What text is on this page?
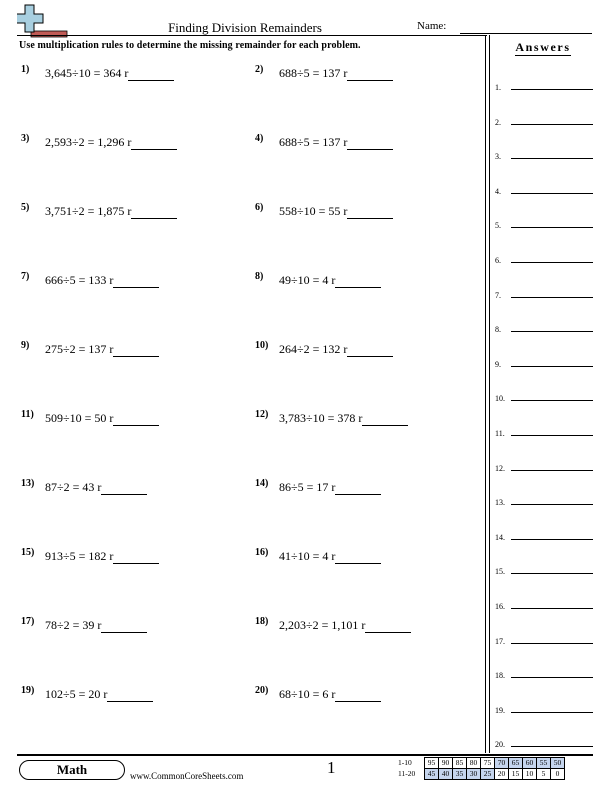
Finding Division Remainders	Name:
Use multiplication rules to determine the missing remainder for each problem.	Answers
1) 3,645÷10 = 364 r	2) 688÷5 = 137 r
3) 2,593÷2 = 1,296 r	4) 688÷5 = 137 r
5) 3,751÷2 = 1,875 r	6) 558÷10 = 55 r
7) 666÷5 = 133 r	8) 49÷10 = 4 r
9) 275÷2 = 137 r	10) 264÷2 = 132 r
11) 509÷10 = 50 r	12) 3,783÷10 = 378 r
13) 87÷2 = 43 r	14) 86÷5 = 17 r
15) 913÷5 = 182 r	16) 41÷10 = 4 r
17) 78÷2 = 39 r	18) 2,203÷2 = 1,101 r
19) 102÷5 = 20 r	20) 68÷10 = 6 r
1.
2.
3.
4.
5.
6.
7.
8.
9.
10.
11.
12.
13.
14.
15.
16.
17.
18.
19.
20.
Math	www.CommonCoreSheets.com	1	1-10	95	90	85	80	75	70	65	60	55	50
11-20	45	40	35	30	25	20	15	10	5	0
